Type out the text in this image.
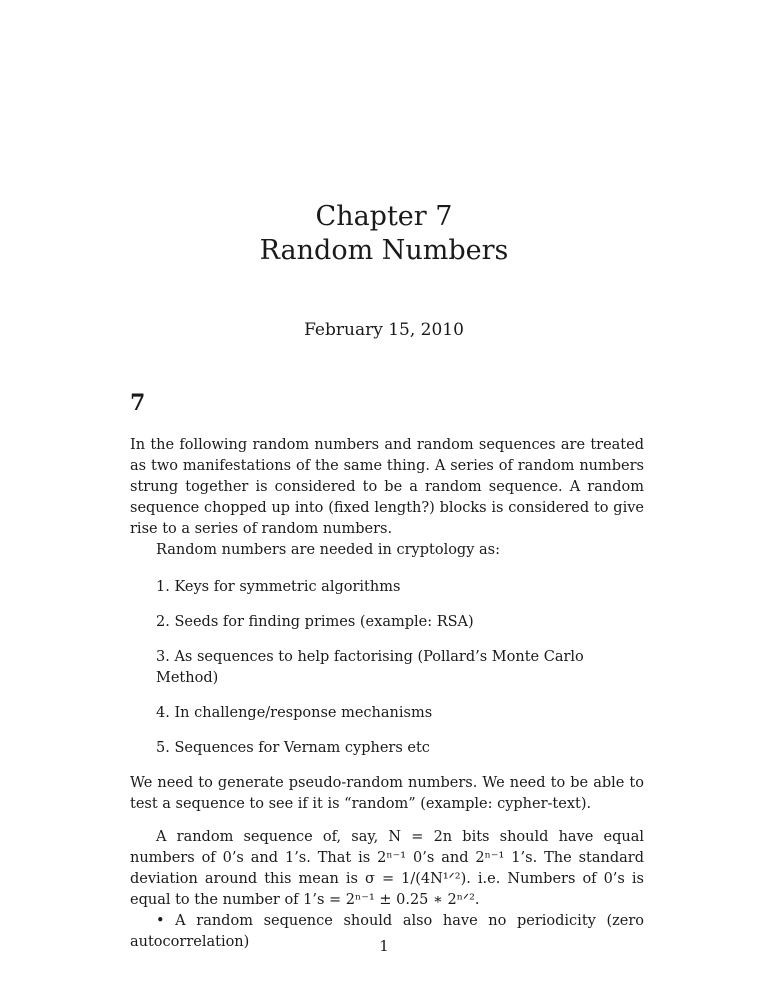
Chapter 7
Random Numbers
February 15, 2010
7

In the following random numbers and random sequences are treated as two manifestations of the same thing. A series of random numbers strung together is considered to be a random sequence. A random sequence chopped up into (fixed length?) blocks is considered to give rise to a series of random numbers.

Random numbers are needed in cryptology as:

1. Keys for symmetric algorithms
2. Seeds for finding primes (example: RSA)
3. As sequences to help factorising (Pollard’s Monte Carlo Method)
4. In challenge/response mechanisms
5. Sequences for Vernam cyphers etc

We need to generate pseudo-random numbers. We need to be able to test a sequence to see if it is “random” (example: cypher-text).

A random sequence of, say, N = 2n bits should have equal numbers of 0’s and 1’s. That is 2ⁿ⁻¹ 0’s and 2ⁿ⁻¹ 1’s. The standard deviation around this mean is σ = 1/(4N¹ᐟ²). i.e. Numbers of 0’s is equal to the number of 1’s = 2ⁿ⁻¹ ± 0.25 ∗ 2ⁿᐟ².

• A random sequence should also have no periodicity (zero autocorrelation)	1
